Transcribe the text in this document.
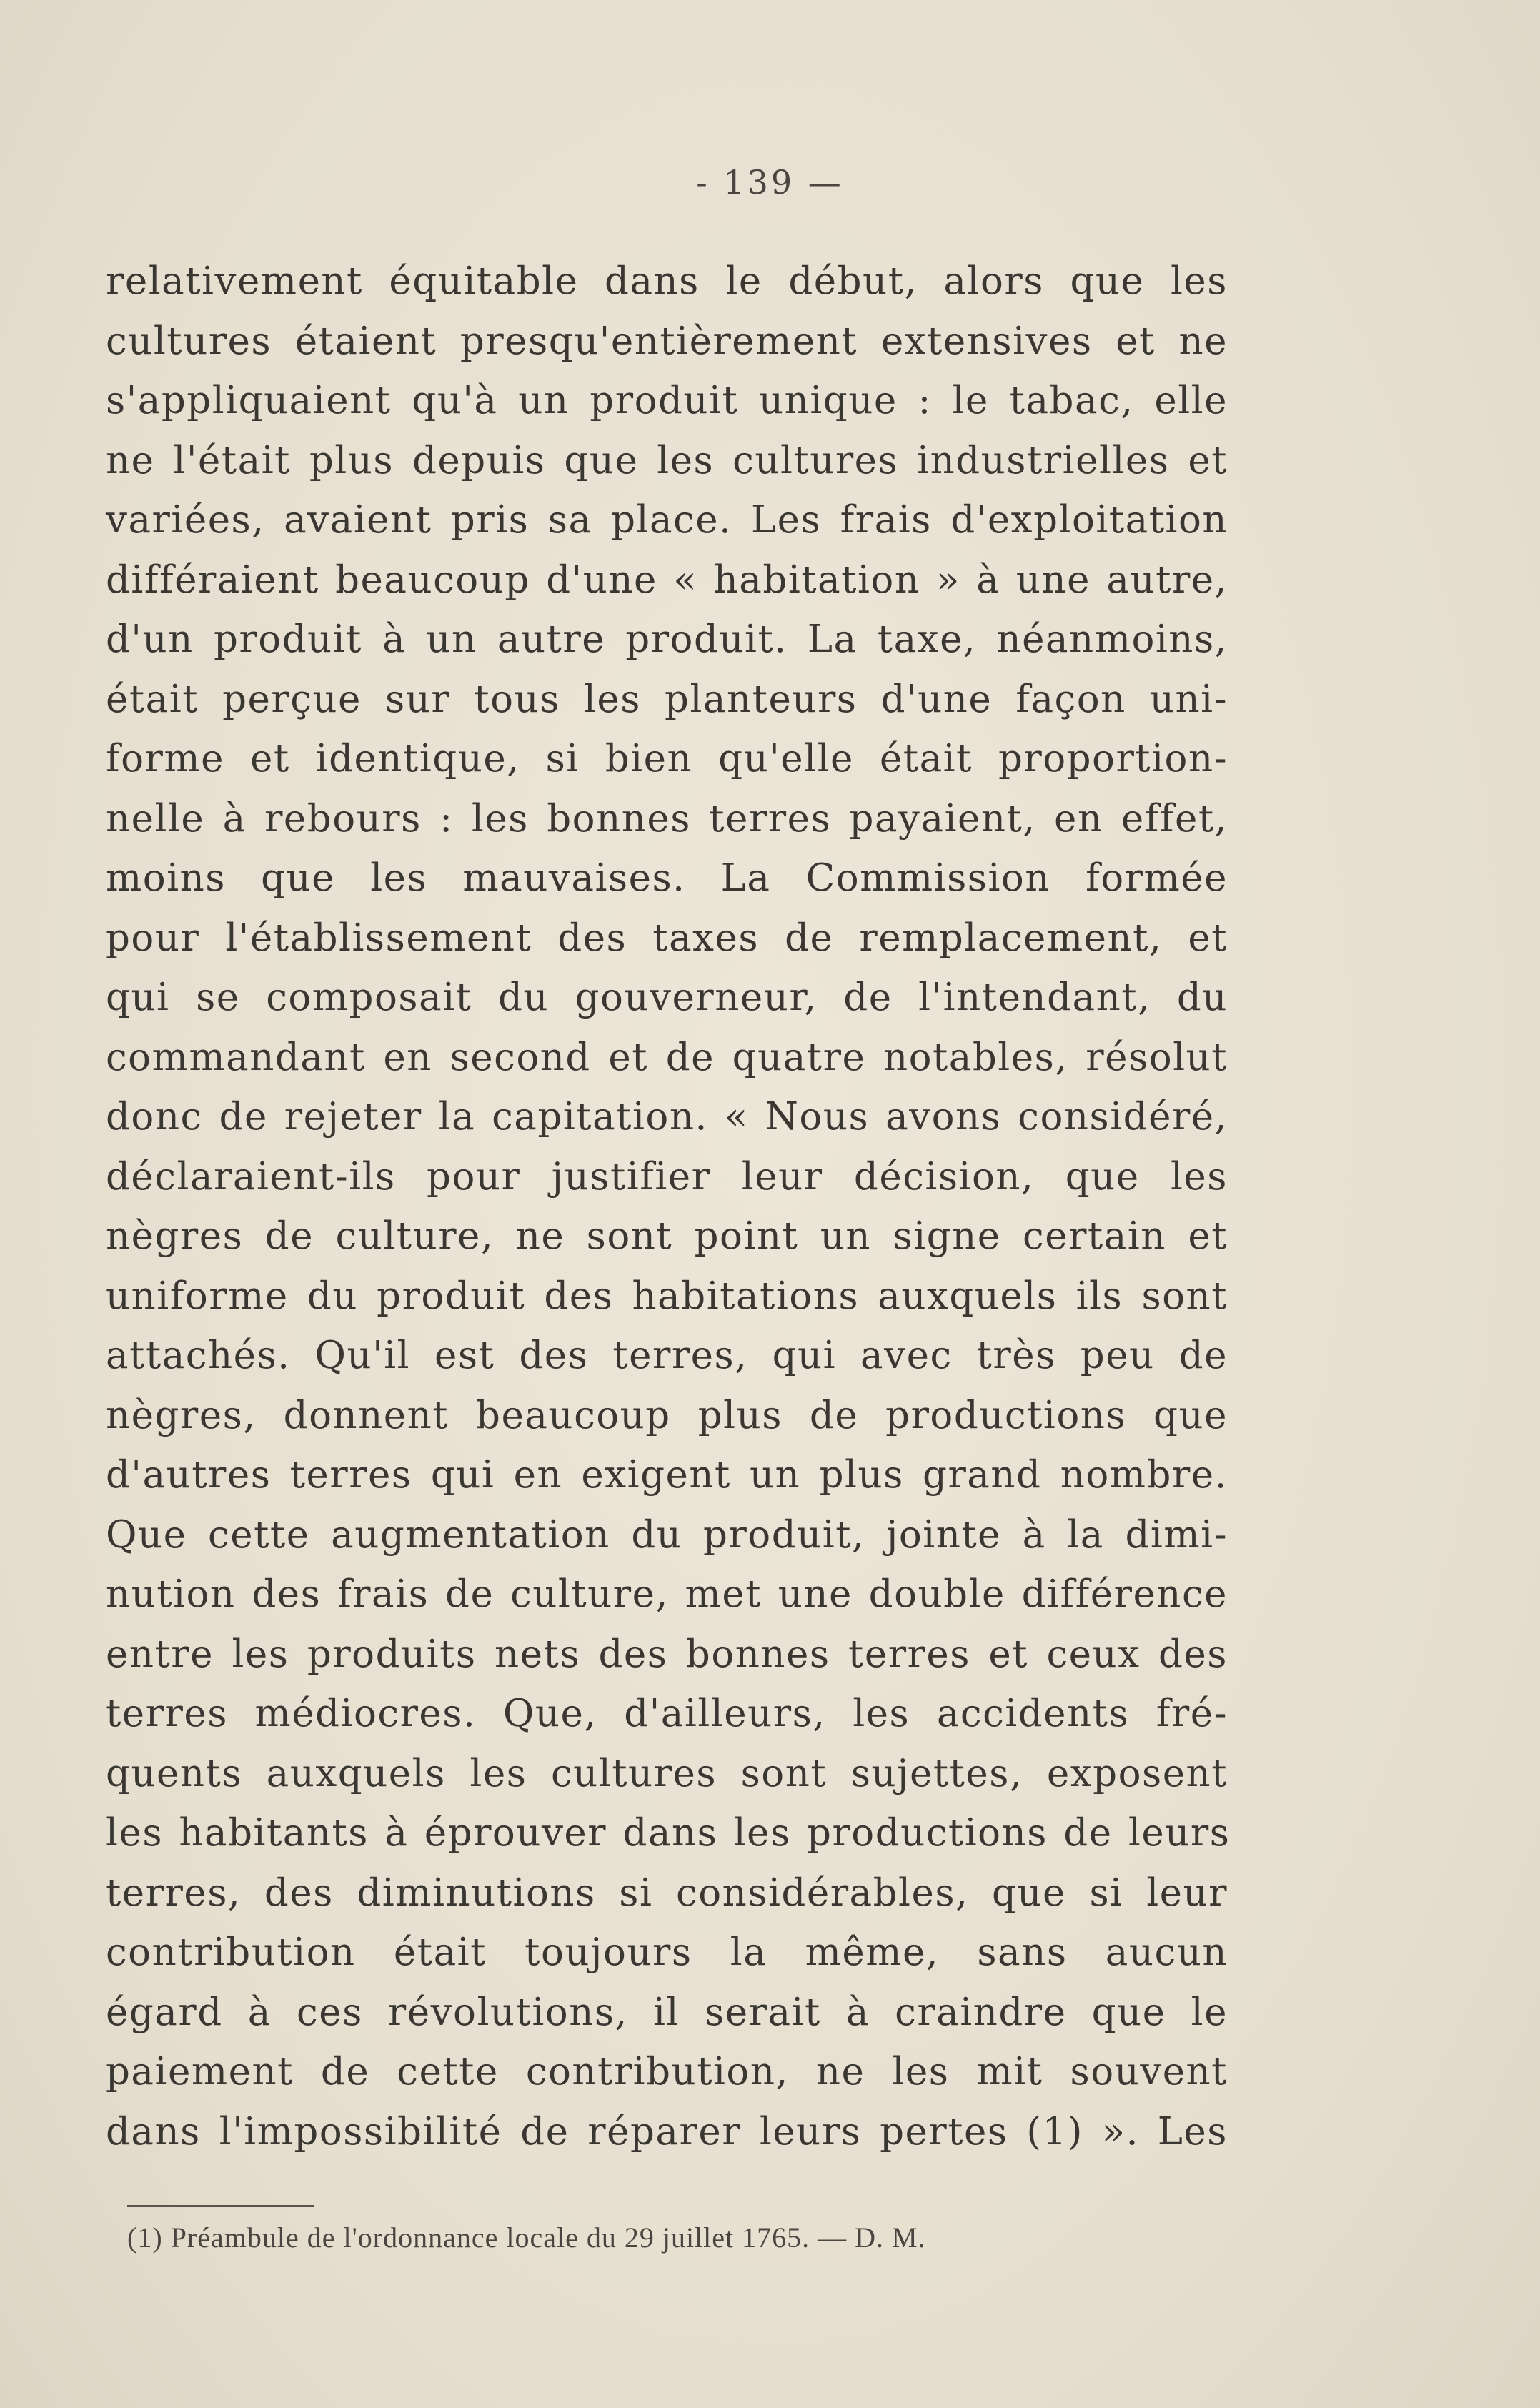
- 139 —
relativement équitable dans le début, alors que les
cultures étaient presqu'entièrement extensives et ne
s'appliquaient qu'à un produit unique : le tabac, elle
ne l'était plus depuis que les cultures industrielles et
variées, avaient pris sa place. Les frais d'exploitation
différaient beaucoup d'une « habitation » à une autre,
d'un produit à un autre produit. La taxe, néanmoins,
était perçue sur tous les planteurs d'une façon uni-
forme et identique, si bien qu'elle était proportion-
nelle à rebours : les bonnes terres payaient, en effet,
moins que les mauvaises. La Commission formée
pour l'établissement des taxes de remplacement, et
qui se composait du gouverneur, de l'intendant, du
commandant en second et de quatre notables, résolut
donc de rejeter la capitation. « Nous avons considéré,
déclaraient-ils pour justifier leur décision, que les
nègres de culture, ne sont point un signe certain et
uniforme du produit des habitations auxquels ils sont
attachés. Qu'il est des terres, qui avec très peu de
nègres, donnent beaucoup plus de productions que
d'autres terres qui en exigent un plus grand nombre.
Que cette augmentation du produit, jointe à la dimi-
nution des frais de culture, met une double différence
entre les produits nets des bonnes terres et ceux des
terres médiocres. Que, d'ailleurs, les accidents fré-
quents auxquels les cultures sont sujettes, exposent
les habitants à éprouver dans les productions de leurs
terres, des diminutions si considérables, que si leur
contribution était toujours la même, sans aucun
égard à ces révolutions, il serait à craindre que le
paiement de cette contribution, ne les mit souvent
dans l'impossibilité de réparer leurs pertes (1) ». Les
(1) Préambule de l'ordonnance locale du 29 juillet 1765. — D. M.
